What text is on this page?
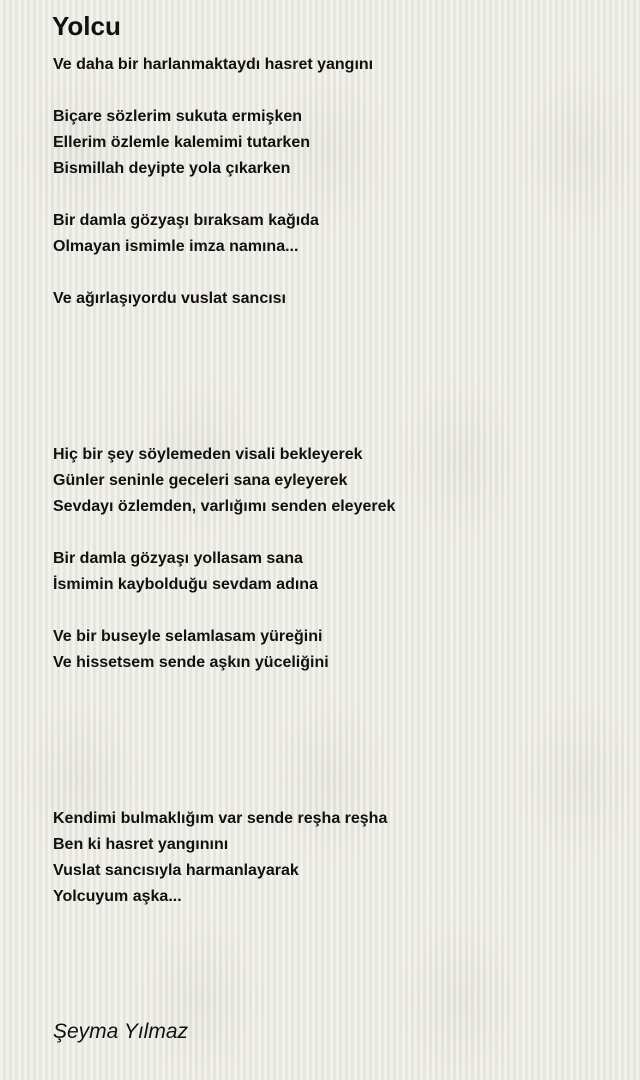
Yolcu
Ve daha bir harlanmaktaydı hasret yangını
Biçare sözlerim sukuta ermişken
Ellerim özlemle kalemimi tutarken
Bismillah deyipte yola çıkarken
Bir damla gözyaşı bıraksam kağıda
Olmayan ismimle imza namına...
Ve ağırlaşıyordu vuslat sancısı
Hiç bir şey söylemeden visali bekleyerek
Günler seninle geceleri sana eyleyerek
Sevdayı özlemden, varlığımı senden eleyerek
Bir damla gözyaşı yollasam sana
İsmimin kaybolduğu sevdam adına
Ve bir buseyle selamlasam yüreğini
Ve hissetsem sende aşkın yüceliğini
Kendimi bulmaklığım var sende reşha reşha
Ben ki hasret yangınını
Vuslat sancısıyla harmanlayarak
Yolcuyum aşka...
Şeyma Yılmaz
